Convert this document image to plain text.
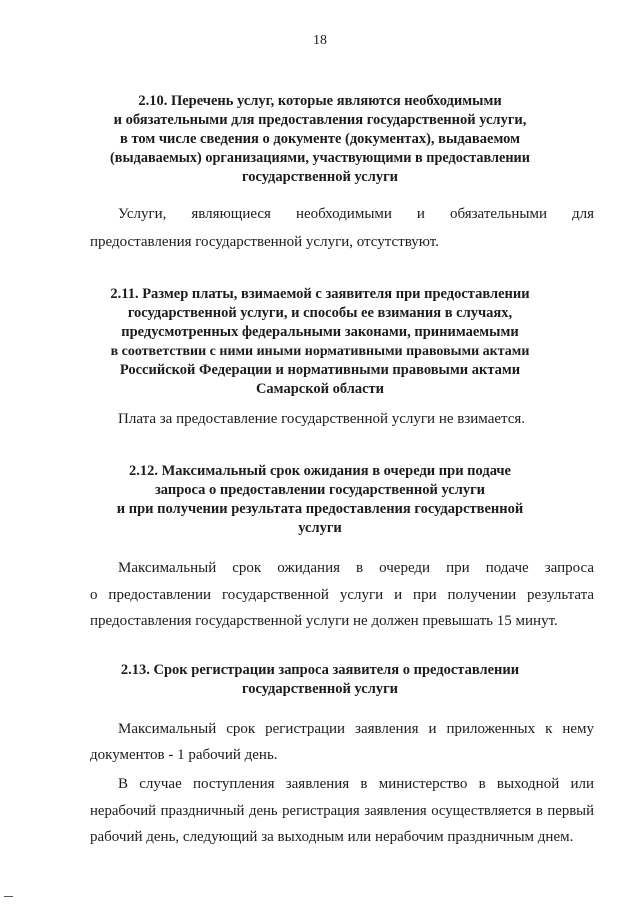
18
2.10. Перечень услуг, которые являются необходимыми
и обязательными для предоставления государственной услуги,
в том числе сведения о документе (документах), выдаваемом
(выдаваемых) организациями, участвующими в предоставлении
государственной услуги
Услуги, являющиеся необходимыми и обязательными для
предоставления государственной услуги, отсутствуют.
2.11. Размер платы, взимаемой с заявителя при предоставлении
государственной услуги, и способы ее взимания в случаях,
предусмотренных федеральными законами, принимаемыми
в соответствии с ними иными нормативными правовыми актами
Российской Федерации и нормативными правовыми актами
Самарской области
Плата за предоставление государственной услуги не взимается.
2.12. Максимальный срок ожидания в очереди при подаче
запроса о предоставлении государственной услуги
и при получении результата предоставления государственной
услуги
Максимальный срок ожидания в очереди при подаче запроса
о предоставлении государственной услуги и при получении результата
предоставления государственной услуги не должен превышать 15 минут.
2.13. Срок регистрации запроса заявителя о предоставлении
государственной услуги
Максимальный срок регистрации заявления и приложенных к нему
документов - 1 рабочий день.
В случае поступления заявления в министерство в выходной или
нерабочий праздничный день регистрация заявления осуществляется в первый
рабочий день, следующий за выходным или нерабочим праздничным днем.
